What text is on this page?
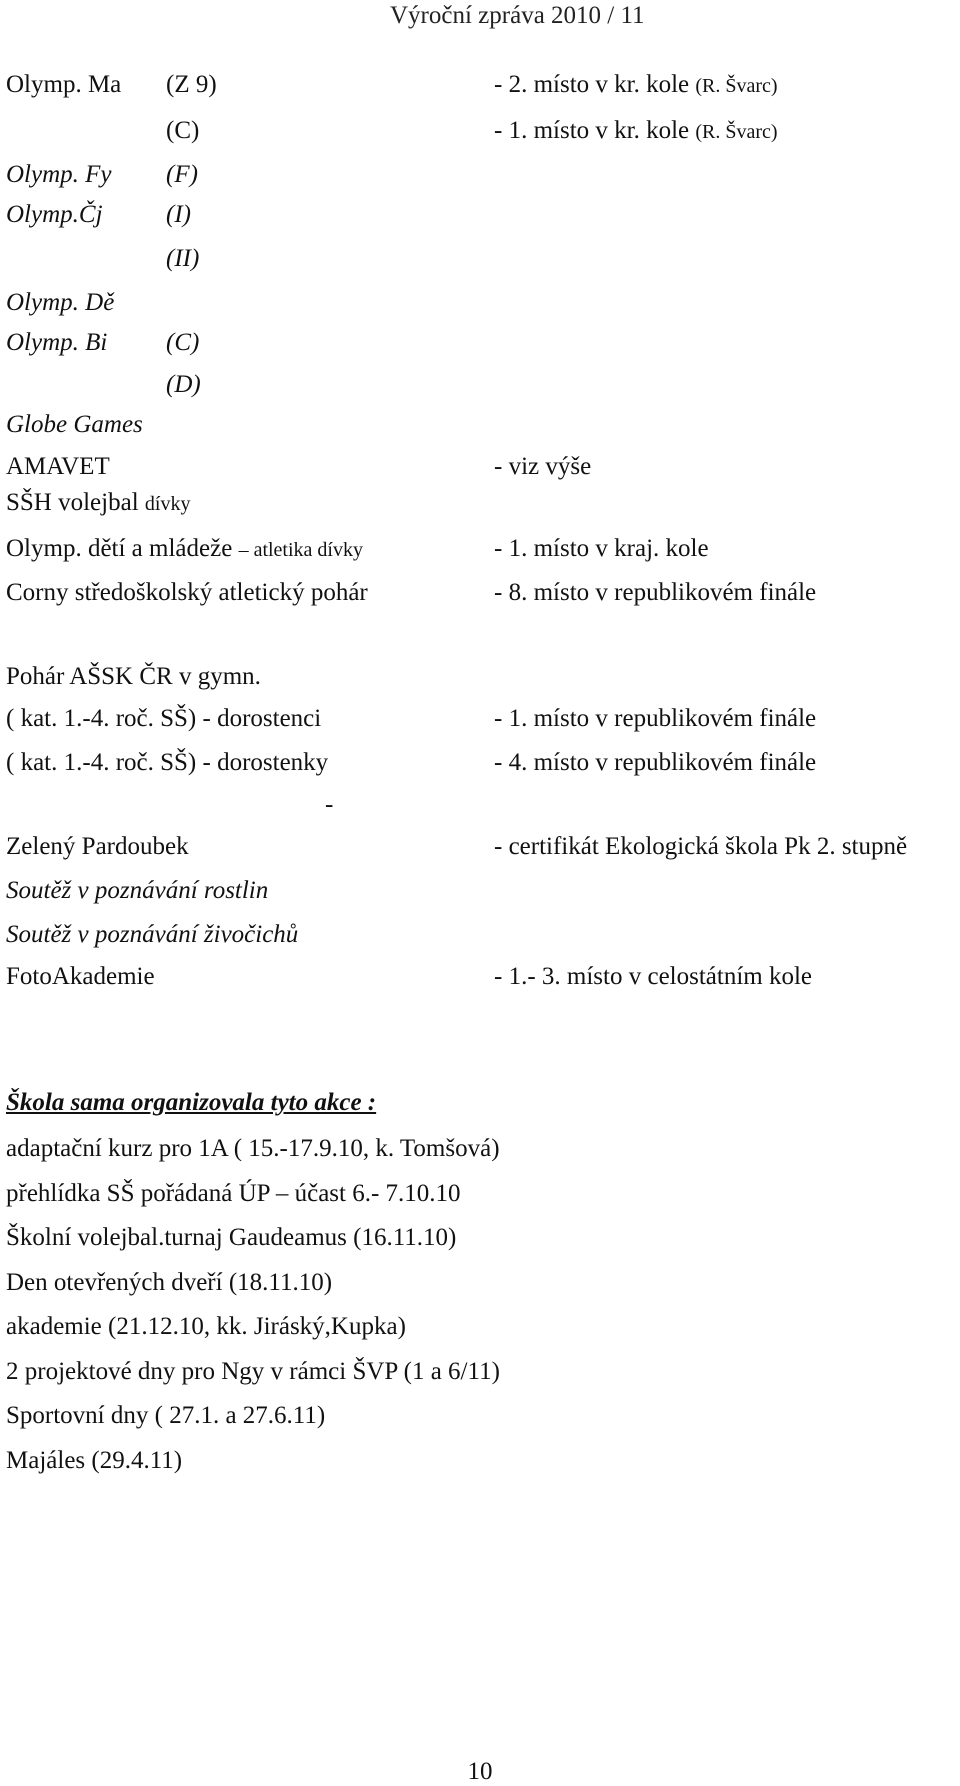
Výroční zpráva 2010 / 11
Olymp. Ma (Z 9)	- 2. místo v kr. kole (R. Švarc)
(C)	- 1. místo v kr. kole (R. Švarc)
Olymp. Fy (F)
Olymp.Čj	(I)
(II)
Olymp. Dě
Olymp. Bi (C)
(D)
Globe Games
AMAVET	- viz výše
SŠH volejbal dívky
Olymp. dětí a mládeže – atletika dívky	- 1. místo v kraj. kole
Corny středoškolský atletický pohár	- 8. místo v republikovém finále
Pohár AŠSK ČR v gymn.
( kat. 1.-4. roč. SŠ) - dorostenci	- 1. místo v republikovém finále
( kat. 1.-4. roč. SŠ) - dorostenky	- 4. místo v republikovém finále
-
Zelený Pardoubek	- certifikát Ekologická škola Pk 2. stupně
Soutěž v poznávání rostlin
Soutěž v poznávání živočichů
FotoAkademie	- 1.- 3. místo v celostátním kole
Škola sama organizovala tyto akce :
adaptační kurz pro 1A ( 15.-17.9.10, k. Tomšová)
přehlídka SŠ pořádaná ÚP – účast 6.- 7.10.10
Školní volejbal.turnaj Gaudeamus (16.11.10)
Den otevřených dveří (18.11.10)
akademie (21.12.10, kk. Jiráský,Kupka)
2 projektové dny pro Ngy v rámci ŠVP (1 a 6/11)
Sportovní dny ( 27.1. a 27.6.11)
Majáles (29.4.11)
10
